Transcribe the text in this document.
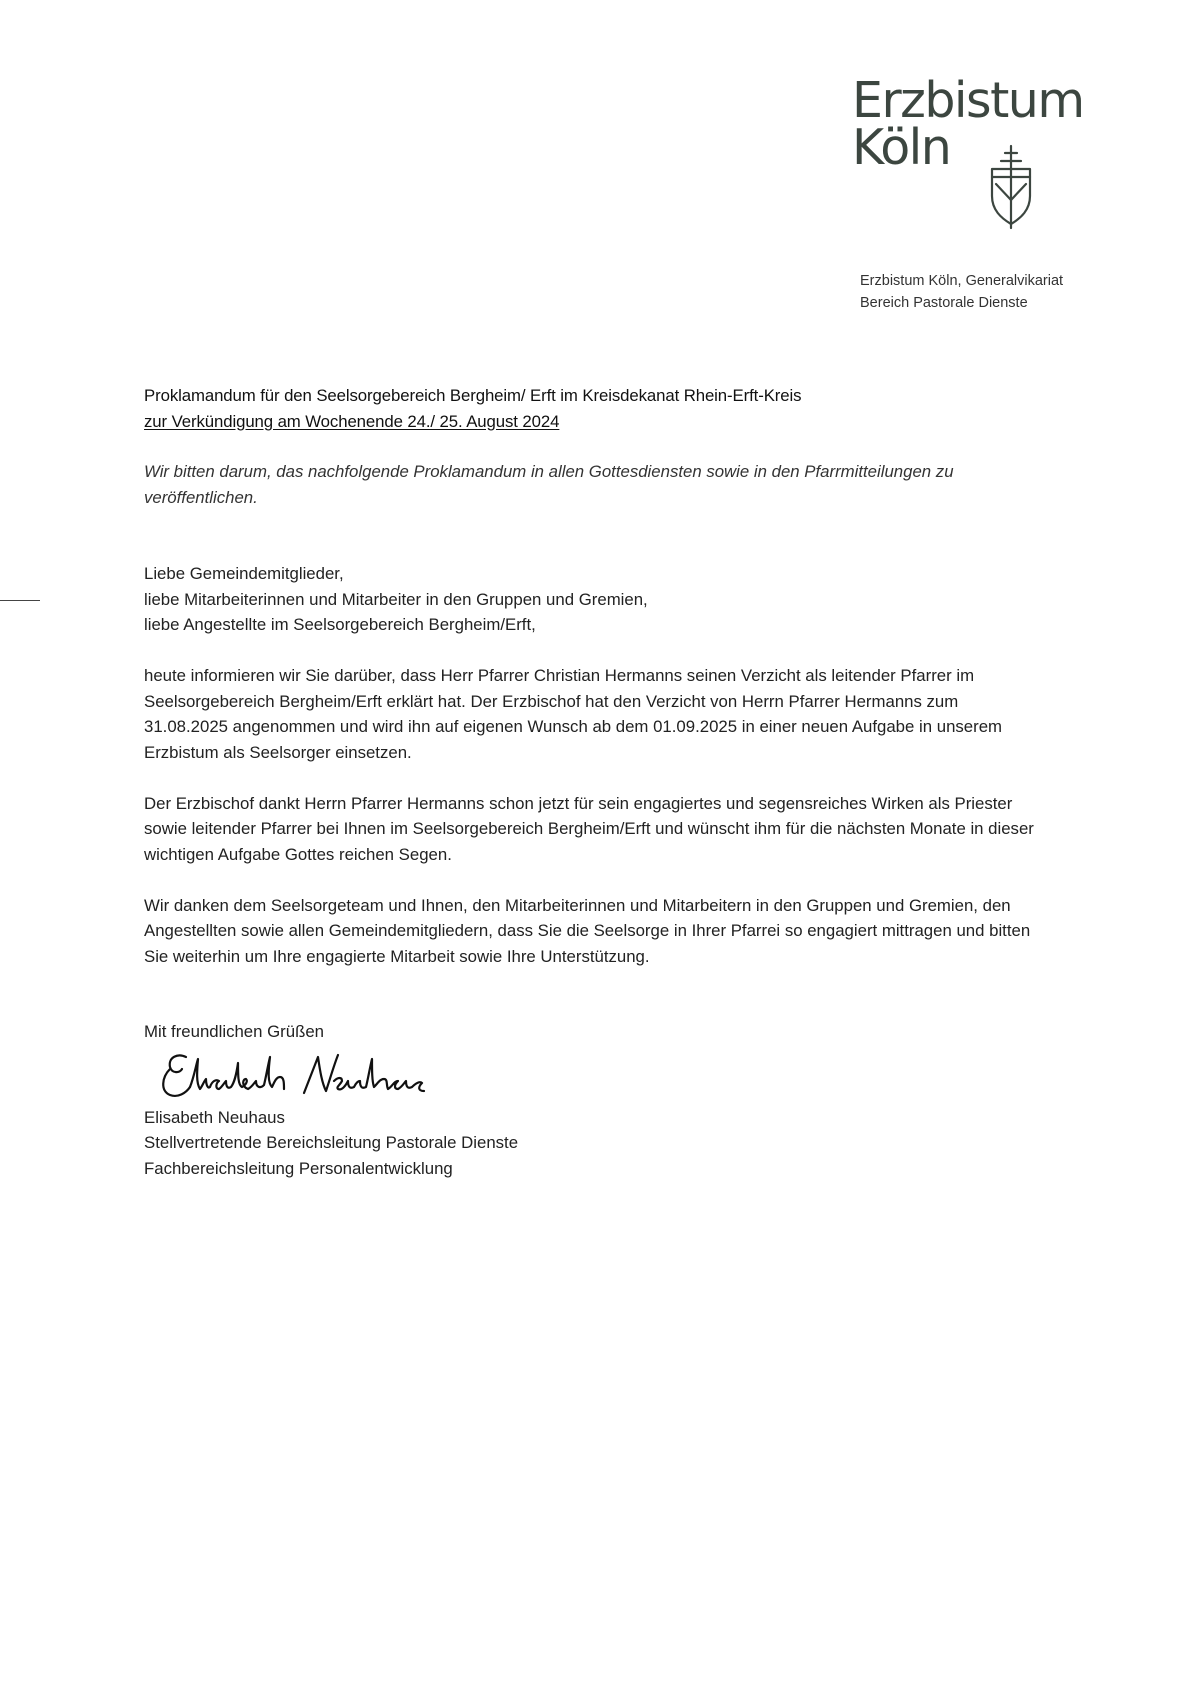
Erzbistum
Köln
Erzbistum Köln, Generalvikariat
Bereich Pastorale Dienste
Proklamandum für den Seelsorgebereich Bergheim/ Erft im Kreisdekanat Rhein-Erft-Kreis
zur Verkündigung am Wochenende 24./ 25. August 2024
Wir bitten darum, das nachfolgende Proklamandum in allen Gottesdiensten sowie in den Pfarrmitteilungen zu veröffentlichen.
Liebe Gemeindemitglieder,
liebe Mitarbeiterinnen und Mitarbeiter in den Gruppen und Gremien,
liebe Angestellte im Seelsorgebereich Bergheim/Erft,
heute informieren wir Sie darüber, dass Herr Pfarrer Christian Hermanns seinen Verzicht als leitender Pfarrer im Seelsorgebereich Bergheim/Erft erklärt hat. Der Erzbischof hat den Verzicht von Herrn Pfarrer Hermanns zum 31.08.2025 angenommen und wird ihn auf eigenen Wunsch ab dem 01.09.2025 in einer neuen Aufgabe in unserem Erzbistum als Seelsorger einsetzen.
Der Erzbischof dankt Herrn Pfarrer Hermanns schon jetzt für sein engagiertes und segensreiches Wirken als Priester sowie leitender Pfarrer bei Ihnen im Seelsorgebereich Bergheim/Erft und wünscht ihm für die nächsten Monate in dieser wichtigen Aufgabe Gottes reichen Segen.
Wir danken dem Seelsorgeteam und Ihnen, den Mitarbeiterinnen und Mitarbeitern in den Gruppen und Gremien, den Angestellten sowie allen Gemeindemitgliedern, dass Sie die Seelsorge in Ihrer Pfarrei so engagiert mittragen und bitten Sie weiterhin um Ihre engagierte Mitarbeit sowie Ihre Unterstützung.
Mit freundlichen Grüßen
Elisabeth Neuhaus
Stellvertretende Bereichsleitung Pastorale Dienste
Fachbereichsleitung Personalentwicklung
